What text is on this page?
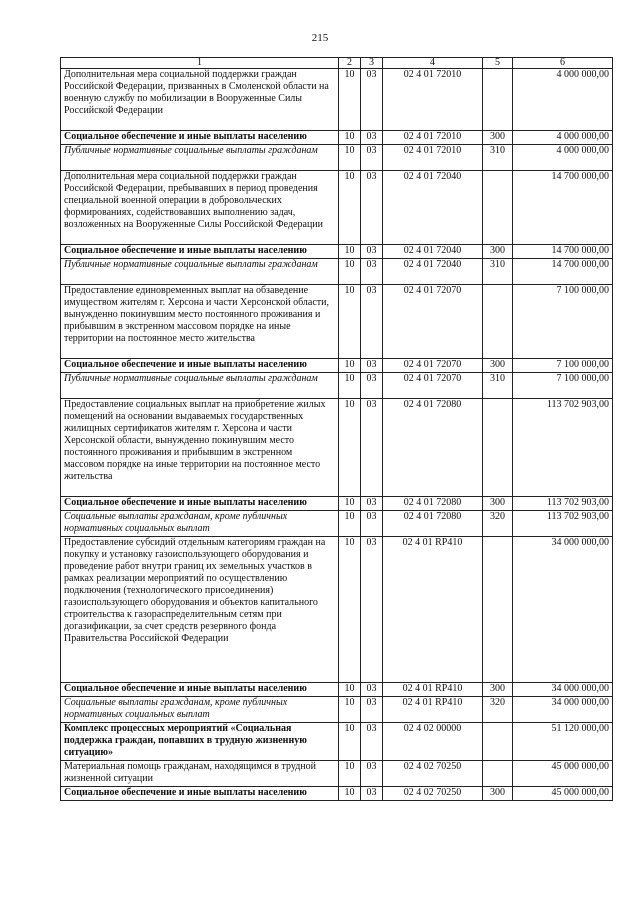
215
1	2	3	4	5	6
Дополнительная мера социальной поддержки граждан Российской Федерации, призванных в Смоленской области на военную службу по мобилизации в Вооруженные Силы Российской Федерации	10	03	02 4 01 72010		4 000 000,00
Социальное обеспечение и иные выплаты населению	10	03	02 4 01 72010	300	4 000 000,00
Публичные нормативные социальные выплаты гражданам	10	03	02 4 01 72010	310	4 000 000,00
Дополнительная мера социальной поддержки граждан Российской Федерации, пребывавших в период проведения специальной военной операции в добровольческих формированиях, содействовавших выполнению задач, возложенных на Вооруженные Силы Российской Федерации	10	03	02 4 01 72040		14 700 000,00
Социальное обеспечение и иные выплаты населению	10	03	02 4 01 72040	300	14 700 000,00
Публичные нормативные социальные выплаты гражданам	10	03	02 4 01 72040	310	14 700 000,00
Предоставление единовременных выплат на обзаведение имуществом жителям г. Херсона и части Херсонской области, вынужденно покинувшим место постоянного проживания и прибывшим в экстренном массовом порядке на иные территории на постоянное место жительства	10	03	02 4 01 72070		7 100 000,00
Социальное обеспечение и иные выплаты населению	10	03	02 4 01 72070	300	7 100 000,00
Публичные нормативные социальные выплаты гражданам	10	03	02 4 01 72070	310	7 100 000,00
Предоставление социальных выплат на приобретение жилых помещений на основании выдаваемых государственных жилищных сертификатов жителям г. Херсона и части Херсонской области, вынужденно покинувшим место постоянного проживания и прибывшим в экстренном массовом порядке на иные территории на постоянное место жительства	10	03	02 4 01 72080		113 702 903,00
Социальное обеспечение и иные выплаты населению	10	03	02 4 01 72080	300	113 702 903,00
Социальные выплаты гражданам, кроме публичных нормативных социальных выплат	10	03	02 4 01 72080	320	113 702 903,00
Предоставление субсидий отдельным категориям граждан на покупку и установку газоиспользующего оборудования и проведение работ внутри границ их земельных участков в рамках реализации мероприятий по осуществлению подключения (технологического присоединения) газоиспользующего оборудования и объектов капитального строительства к газораспределительным сетям при догазификации, за счет средств резервного фонда Правительства Российской Федерации	10	03	02 4 01 RP410		34 000 000,00
Социальное обеспечение и иные выплаты населению	10	03	02 4 01 RP410	300	34 000 000,00
Социальные выплаты гражданам, кроме публичных нормативных социальных выплат	10	03	02 4 01 RP410	320	34 000 000,00
Комплекс процессных мероприятий «Социальная поддержка граждан, попавших в трудную жизненную ситуацию»	10	03	02 4 02 00000		51 120 000,00
Материальная помощь гражданам, находящимся в трудной жизненной ситуации	10	03	02 4 02 70250		45 000 000,00
Социальное обеспечение и иные выплаты населению	10	03	02 4 02 70250	300	45 000 000,00
